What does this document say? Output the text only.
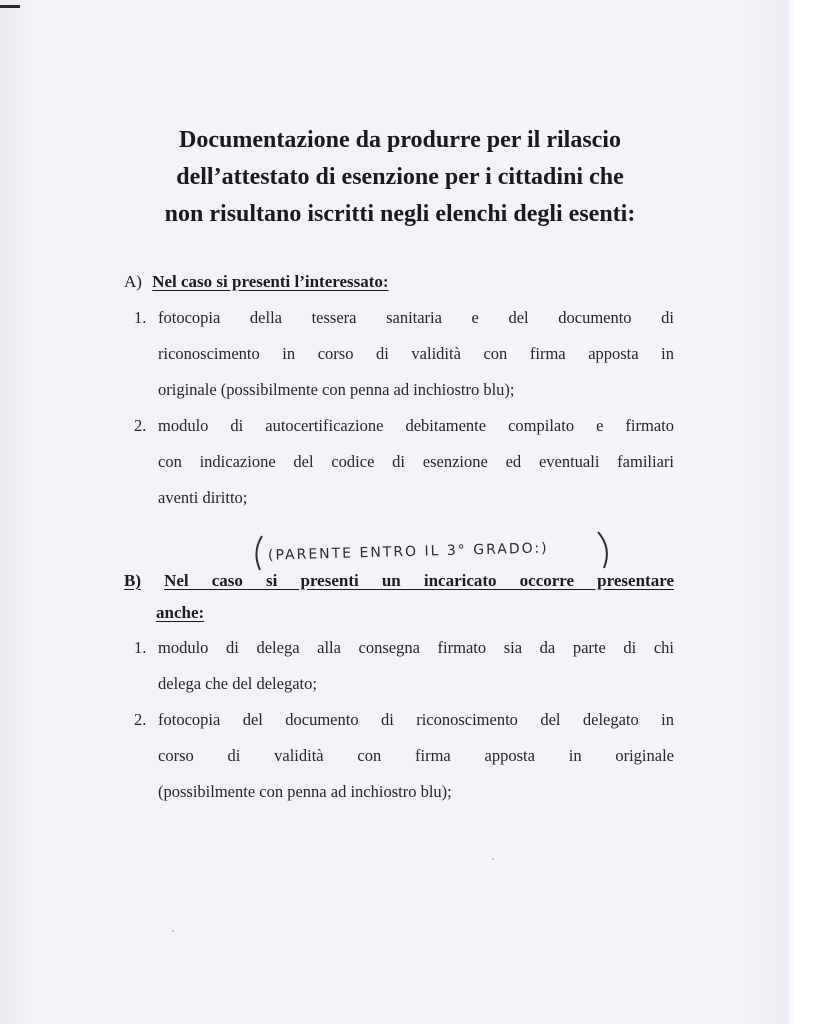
Documentazione da produrre per il rilascio
dell’attestato di esenzione per i cittadini che
non risultano iscritti negli elenchi degli esenti:
A) Nel caso si presenti l’interessato:
1. fotocopia della tessera sanitaria e del documento di
riconoscimento in corso di validità con firma apposta in
originale (possibilmente con penna ad inchiostro blu);
2. modulo di autocertificazione debitamente compilato e firmato
con indicazione del codice di esenzione ed eventuali familiari
aventi diritto;
(PARENTE ENTRO IL 3° GRADO:)
B) Nel caso si presenti un incaricato occorre presentare
anche:
1. modulo di delega alla consegna firmato sia da parte di chi
delega che del delegato;
2. fotocopia del documento di riconoscimento del delegato in
corso di validità con firma apposta in originale
(possibilmente con penna ad inchiostro blu);
